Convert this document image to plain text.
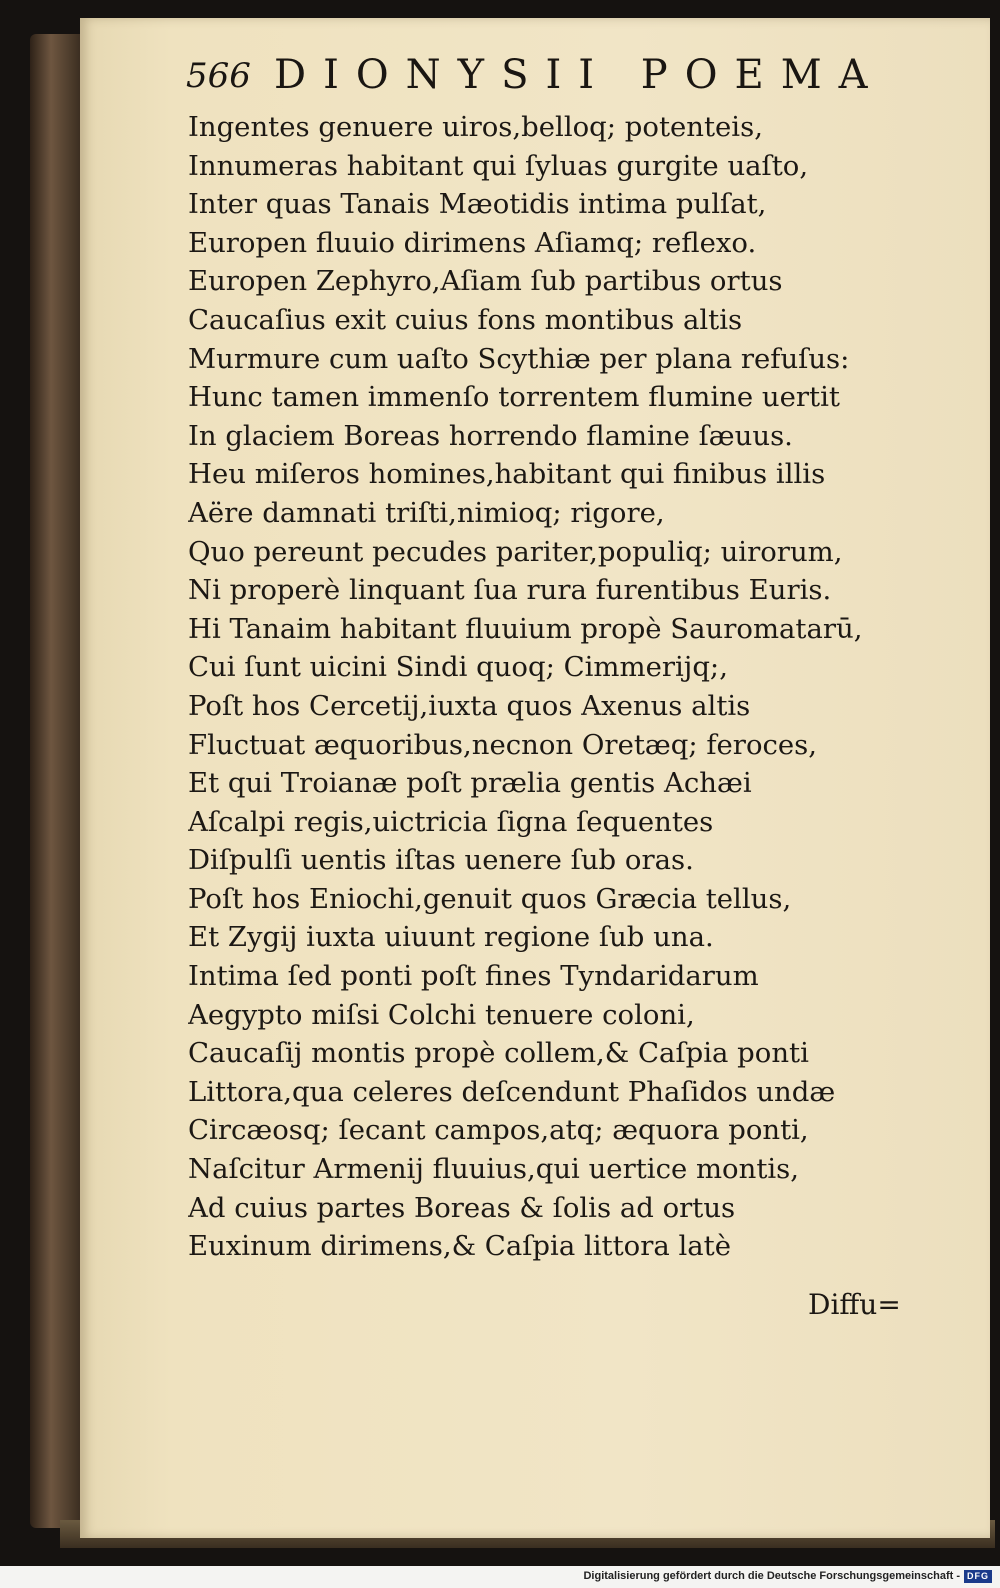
566 DIONYSII POEMA
Ingentes genuere uiros,belloq; potenteis,
Innumeras habitant qui ſyluas gurgite uaſto,
Inter quas Tanais Mæotidis intima pulſat,
Europen fluuio dirimens Aſiamq; reflexo.
Europen Zephyro,Aſiam ſub partibus ortus
Caucaſius exit cuius fons montibus altis
Murmure cum uaſto Scythiæ per plana refuſus:
Hunc tamen immenſo torrentem flumine uertit
In glaciem Boreas horrendo flamine ſæuus.
Heu miſeros homines,habitant qui finibus illis
Aëre damnati triſti,nimioq; rigore,
Quo pereunt pecudes pariter,populiq; uirorum,
Ni properè linquant ſua rura furentibus Euris.
Hi Tanaim habitant fluuium propè Sauromatarū,
Cui ſunt uicini Sindi quoq; Cimmerijq;,
Poſt hos Cercetij,iuxta quos Axenus altis
Fluctuat æquoribus,necnon Oretæq; feroces,
Et qui Troianæ poſt prælia gentis Achæi
Aſcalpi regis,uictricia ſigna ſequentes
Diſpulſi uentis iſtas uenere ſub oras.
Poſt hos Eniochi,genuit quos Græcia tellus,
Et Zygij iuxta uiuunt regione ſub una.
Intima ſed ponti poſt fines Tyndaridarum
Aegypto miſsi Colchi tenuere coloni,
Caucaſij montis propè collem,& Caſpia ponti
Littora,qua celeres deſcendunt Phaſidos undæ
Circæosq; ſecant campos,atq; æquora ponti,
Naſcitur Armenij fluuius,qui uertice montis,
Ad cuius partes Boreas & ſolis ad ortus
Euxinum dirimens,& Caſpia littora latè
Diffu=
Digitalisierung gefördert durch die Deutsche Forschungsgemeinschaft - DFG
